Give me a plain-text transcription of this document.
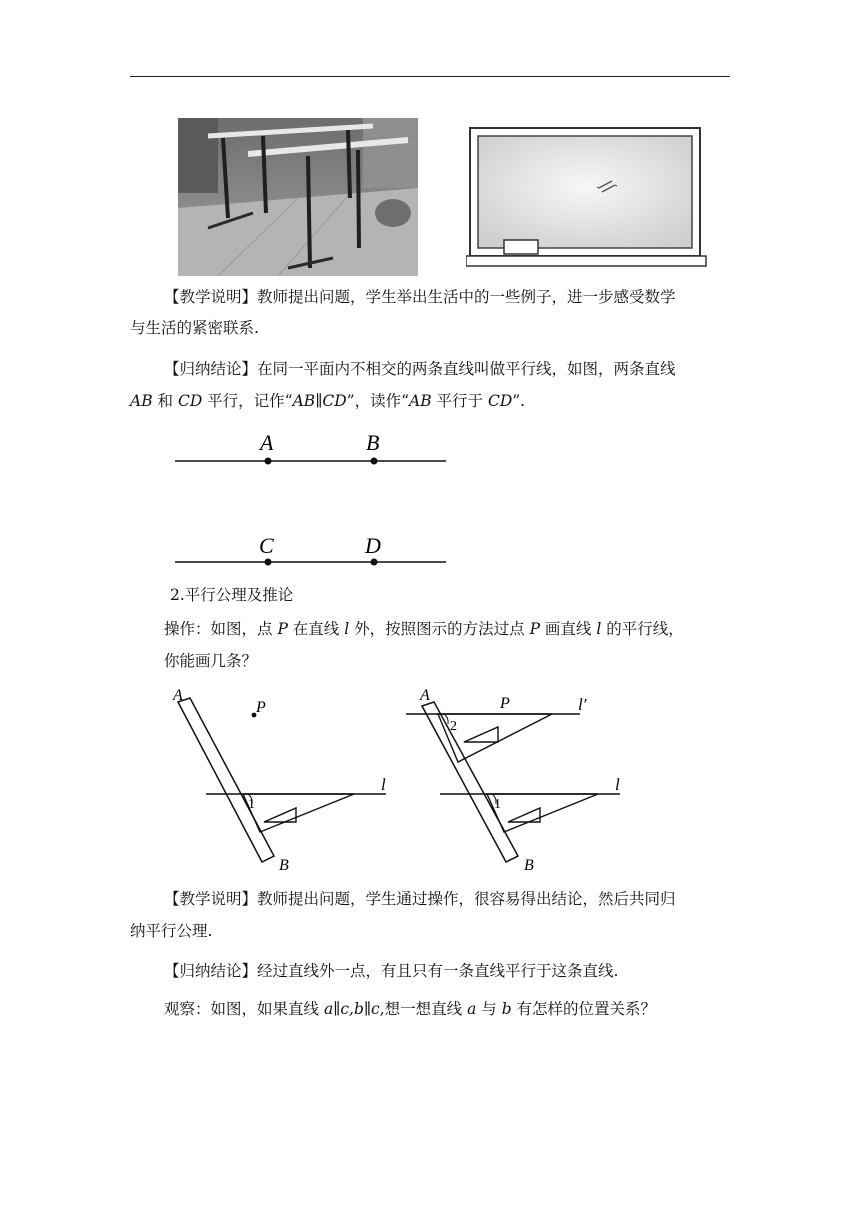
【教学说明】教师提出问题，学生举出生活中的一些例子，进一步感受数学
与生活的紧密联系.
【归纳结论】在同一平面内不相交的两条直线叫做平行线，如图，两条直线
AB 和 CD 平行，记作“AB∥CD”，读作“AB 平行于 CD”.
A	B
C	D
2.平行公理及推论
操作：如图，点 P 在直线 l 外，按照图示的方法过点 P 画直线 l 的平行线，
你能画几条？
A
P
l
1
B
A	P	l′
l
2
1
B
【教学说明】教师提出问题，学生通过操作，很容易得出结论，然后共同归
纳平行公理.
【归纳结论】经过直线外一点，有且只有一条直线平行于这条直线.
观察：如图，如果直线 a∥c,b∥c,想一想直线 a 与 b 有怎样的位置关系？
